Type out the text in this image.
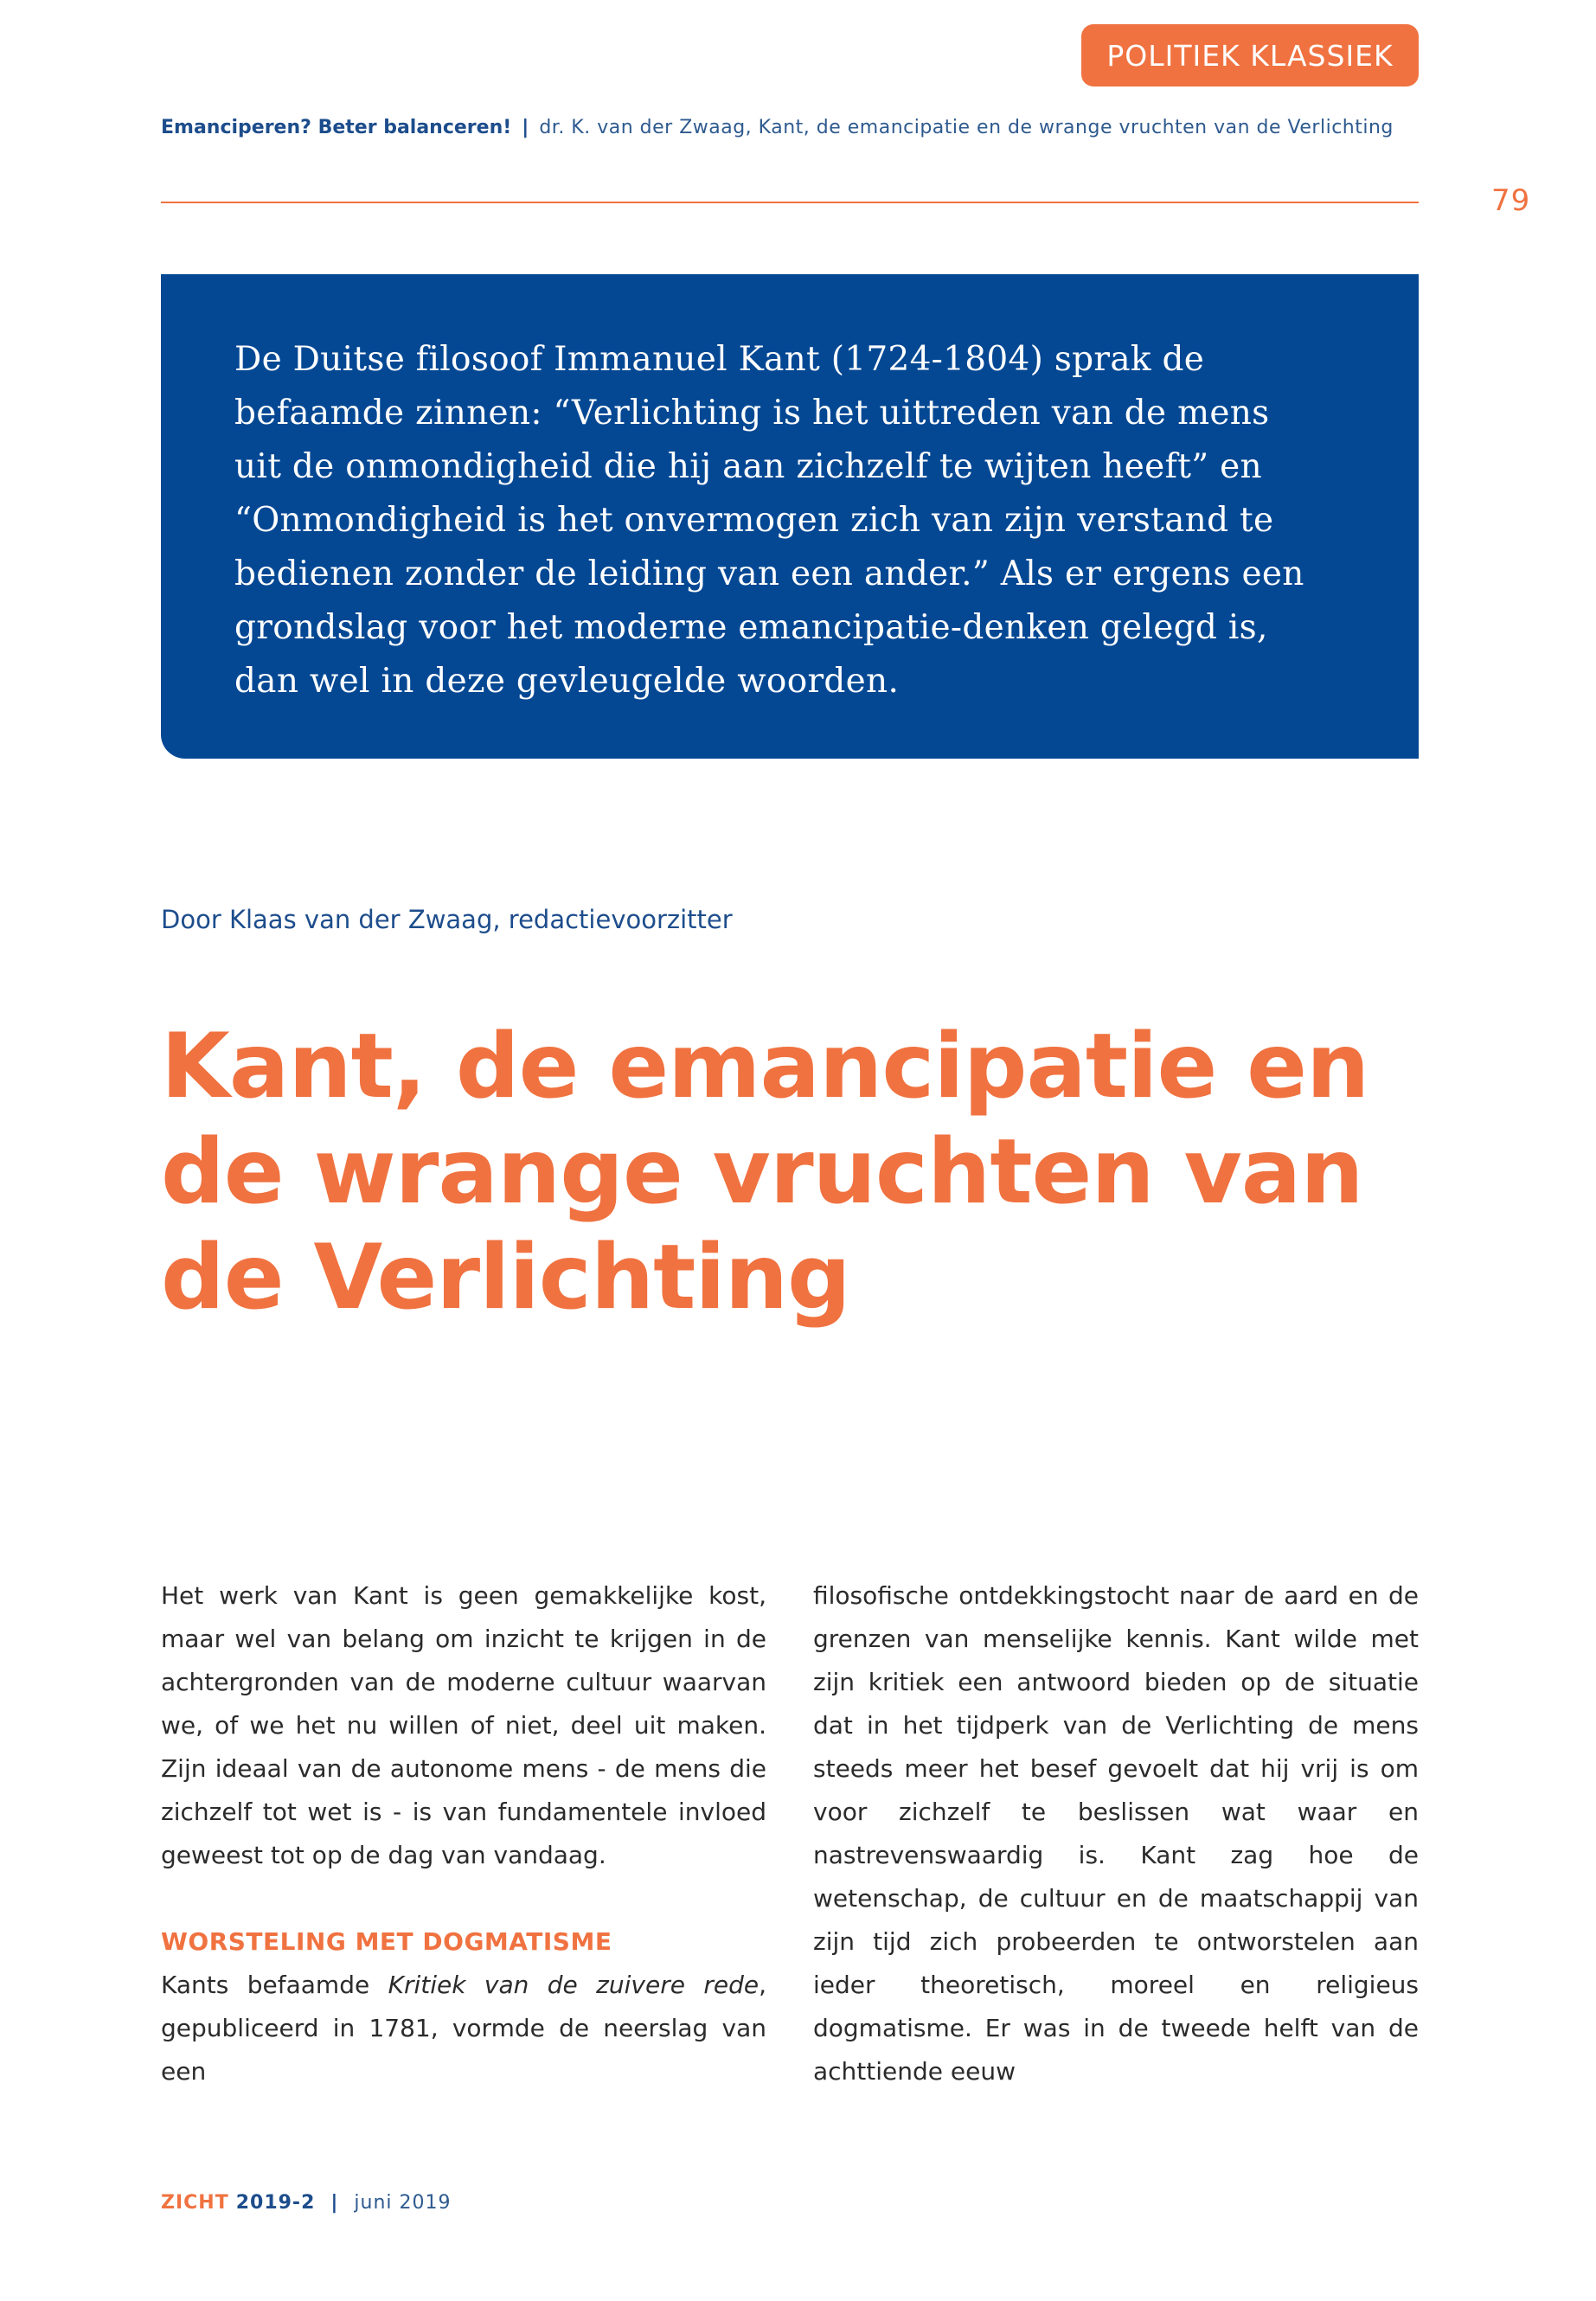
POLITIEK KLASSIEK
Emanciperen? Beter balanceren! | dr. K. van der Zwaag, Kant, de emancipatie en de wrange vruchten van de Verlichting
79

De Duitse filosoof Immanuel Kant (1724-1804) sprak de befaamde zinnen: “Verlichting is het uittreden van de mens uit de onmondigheid die hij aan zichzelf te wijten heeft” en “Onmondigheid is het onvermogen zich van zijn verstand te bedienen zonder de leiding van een ander.” Als er ergens een grondslag voor het moderne emancipatie-denken gelegd is, dan wel in deze gevleugelde woorden.

Door Klaas van der Zwaag, redactievoorzitter
Kant, de emancipatie en de wrange vruchten van de Verlichting

Het werk van Kant is geen gemakkelijke kost, maar wel van belang om inzicht te krijgen in de achtergronden van de moderne cultuur waarvan we, of we het nu willen of niet, deel uit maken. Zijn ideaal van de autonome mens - de mens die zichzelf tot wet is - is van fundamentele invloed geweest tot op de dag van vandaag.

WORSTELING MET DOGMATISME

Kants befaamde Kritiek van de zuivere rede, gepubliceerd in 1781, vormde de neerslag van een

filosofische ontdekkingstocht naar de aard en de grenzen van menselijke kennis. Kant wilde met zijn kritiek een antwoord bieden op de situatie dat in het tijdperk van de Verlichting de mens steeds meer het besef gevoelt dat hij vrij is om voor zichzelf te beslissen wat waar en nastrevenswaardig is. Kant zag hoe de wetenschap, de cultuur en de maatschappij van zijn tijd zich probeerden te ontworstelen aan ieder theoretisch, moreel en religieus dogmatisme. Er was in de tweede helft van de achttiende eeuw

ZICHT 2019-2 | juni 2019
